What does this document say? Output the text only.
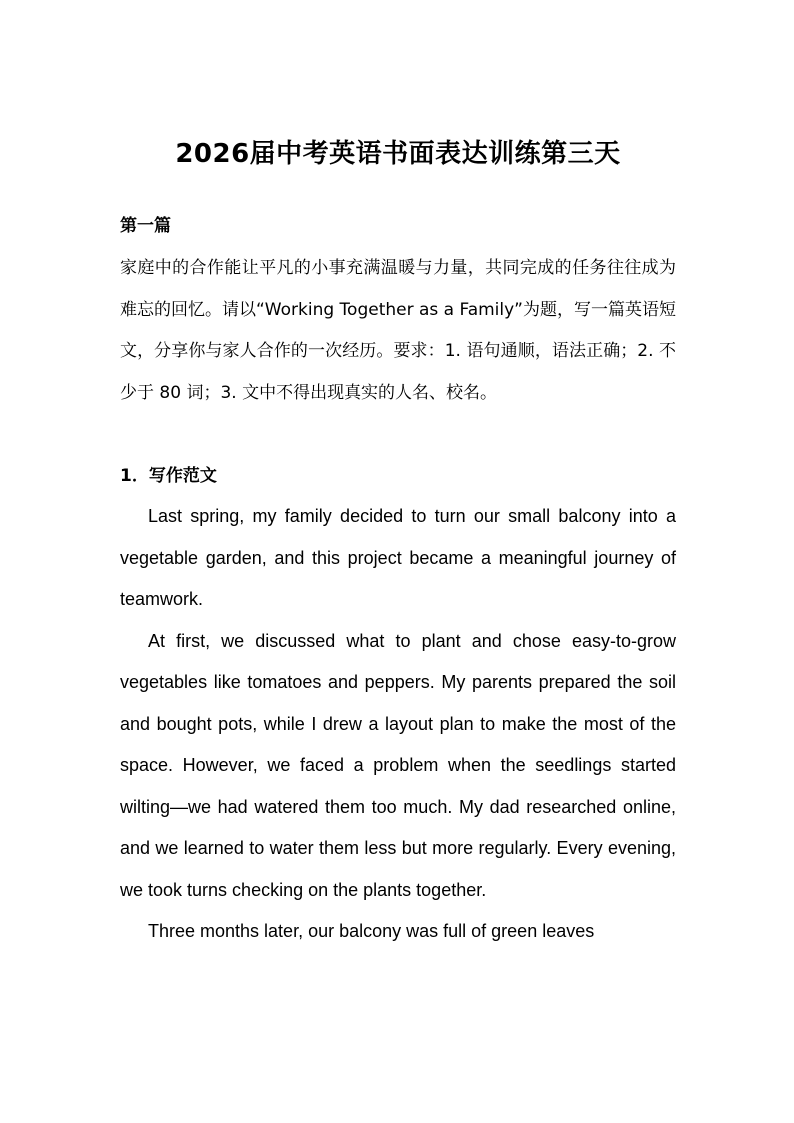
2026届中考英语书面表达训练第三天
第一篇

家庭中的合作能让平凡的小事充满温暖与力量，共同完成的任务往往成为难忘的回忆。请以“Working Together as a Family”为题，写一篇英语短文，分享你与家人合作的一次经历。要求：1. 语句通顺，语法正确；2. 不少于 80 词；3. 文中不得出现真实的人名、校名。

1．写作范文

Last spring, my family decided to turn our small balcony into a vegetable garden, and this project became a meaningful journey of teamwork.

At first, we discussed what to plant and chose easy-to-grow vegetables like tomatoes and peppers. My parents prepared the soil and bought pots, while I drew a layout plan to make the most of the space. However, we faced a problem when the seedlings started wilting—we had watered them too much. My dad researched online, and we learned to water them less but more regularly. Every evening, we took turns checking on the plants together.

Three months later, our balcony was full of green leaves
